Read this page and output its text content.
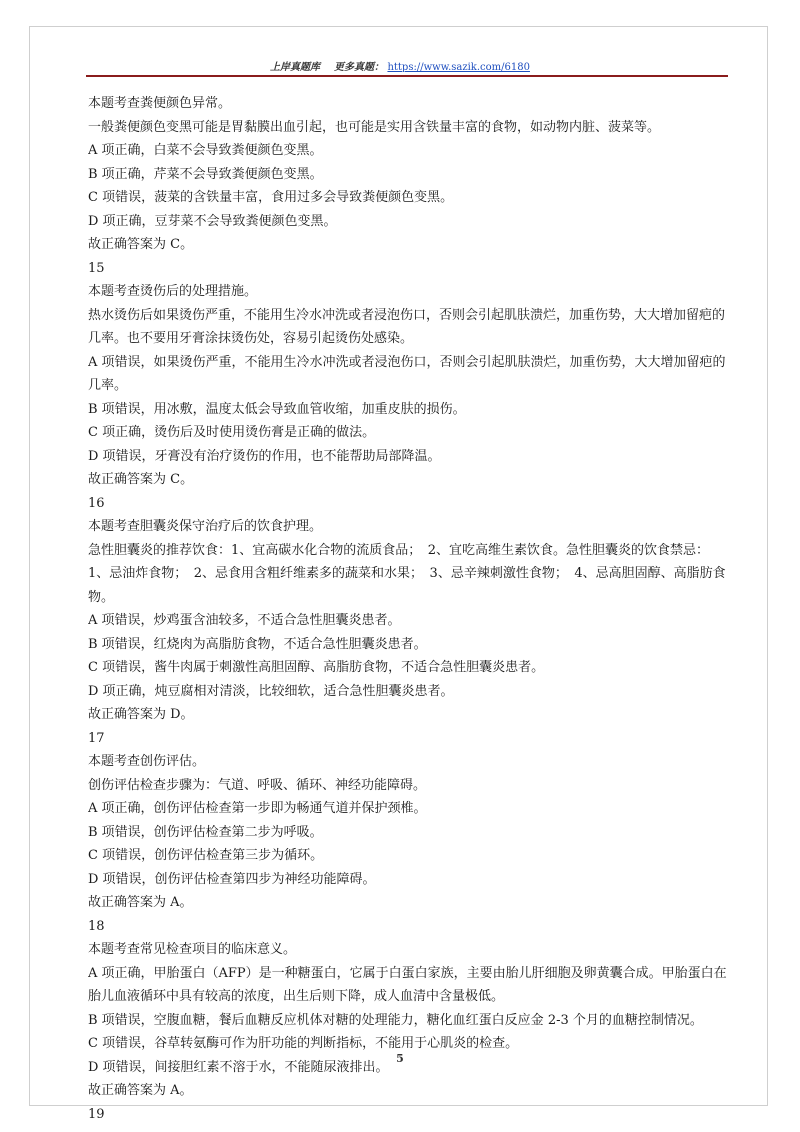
上岸真题库 更多真题： https://www.sazik.com/6180
本题考查粪便颜色异常。
一般粪便颜色变黑可能是胃黏膜出血引起，也可能是实用含铁量丰富的食物，如动物内脏、菠菜等。
A 项正确，白菜不会导致粪便颜色变黑。
B 项正确，芹菜不会导致粪便颜色变黑。
C 项错误，菠菜的含铁量丰富，食用过多会导致粪便颜色变黑。
D 项正确，豆芽菜不会导致粪便颜色变黑。
故正确答案为 C。
15
本题考查烫伤后的处理措施。
热水烫伤后如果烫伤严重，不能用生冷水冲洗或者浸泡伤口，否则会引起肌肤溃烂，加重伤势，大大增加留疤的几率。也不要用牙膏涂抹烫伤处，容易引起烫伤处感染。
A 项错误，如果烫伤严重，不能用生冷水冲洗或者浸泡伤口，否则会引起肌肤溃烂，加重伤势，大大增加留疤的几率。
B 项错误，用冰敷，温度太低会导致血管收缩，加重皮肤的损伤。
C 项正确，烫伤后及时使用烫伤膏是正确的做法。
D 项错误，牙膏没有治疗烫伤的作用，也不能帮助局部降温。
故正确答案为 C。
16
本题考查胆囊炎保守治疗后的饮食护理。
急性胆囊炎的推荐饮食：1、宜高碳水化合物的流质食品；　2、宜吃高维生素饮食。急性胆囊炎的饮食禁忌：1、忌油炸食物；　2、忌食用含粗纤维素多的蔬菜和水果；　3、忌辛辣刺激性食物；　4、忌高胆固醇、高脂肪食物。
A 项错误，炒鸡蛋含油较多，不适合急性胆囊炎患者。
B 项错误，红烧肉为高脂肪食物，不适合急性胆囊炎患者。
C 项错误，酱牛肉属于刺激性高胆固醇、高脂肪食物，不适合急性胆囊炎患者。
D 项正确，炖豆腐相对清淡，比较细软，适合急性胆囊炎患者。
故正确答案为 D。
17
本题考查创伤评估。
创伤评估检查步骤为：气道、呼吸、循环、神经功能障碍。
A 项正确，创伤评估检查第一步即为畅通气道并保护颈椎。
B 项错误，创伤评估检查第二步为呼吸。
C 项错误，创伤评估检查第三步为循环。
D 项错误，创伤评估检查第四步为神经功能障碍。
故正确答案为 A。
18
本题考查常见检查项目的临床意义。
A 项正确，甲胎蛋白（AFP）是一种糖蛋白，它属于白蛋白家族，主要由胎儿肝细胞及卵黄囊合成。甲胎蛋白在胎儿血液循环中具有较高的浓度，出生后则下降，成人血清中含量极低。
B 项错误，空腹血糖，餐后血糖反应机体对糖的处理能力，糖化血红蛋白反应金 2-3 个月的血糖控制情况。
C 项错误，谷草转氨酶可作为肝功能的判断指标，不能用于心肌炎的检查。
D 项错误，间接胆红素不溶于水，不能随尿液排出。
故正确答案为 A。
19
5
